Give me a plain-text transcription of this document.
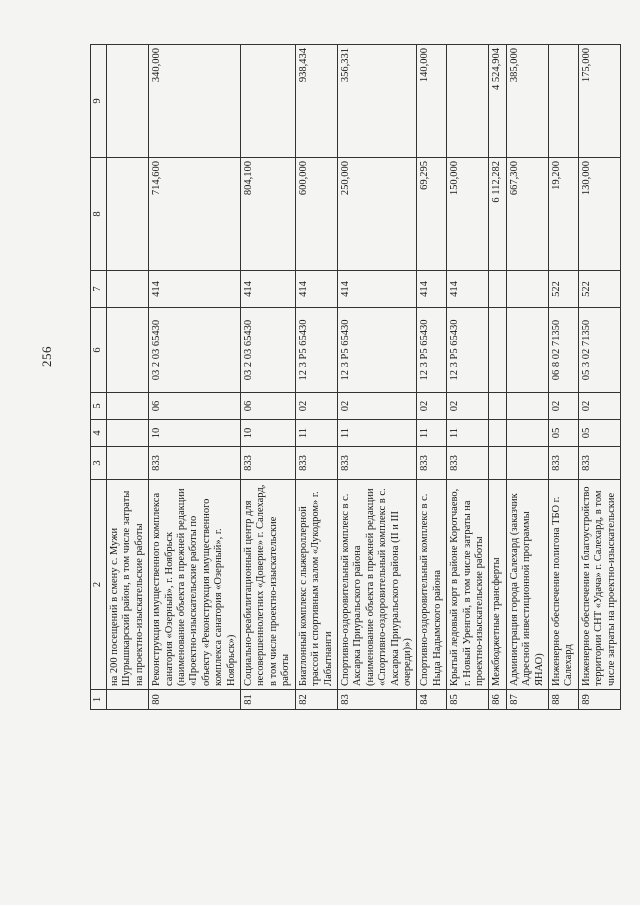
256
1	2	3	4	5	6	7	8	9
	на 200 посещений в смену с. Мужи Шурышкарский район, в том числе затраты на проектно-изыскательские работы							
80	Реконструкция имущественного комплекса санатория «Озерный», г. Ноябрьск (наименование объекта в прежней редакции «Проектно-изыскательские работы по объекту «Реконструкция имущественного комплекса санатория «Озерный», г. Ноябрьск»)	833	10	06	03 2 03 65430	414	714,600	340,000
81	Социально-реабилитационный центр для несовершеннолетних «Доверие» г. Салехард, в том числе проектно-изыскательские работы	833	10	06	03 2 03 65430	414	804,100	
82	Биатлонный комплекс с лыжероллерной трассой и спортивным залом «Лукодром» г. Лабытнанги	833	11	02	12 3 P5 65430	414	600,000	938,434
83	Спортивно-оздоровительный комплекс в с. Аксарка Приуральского района (наименование объекта в прежней редакции «Спортивно-оздоровительный комплекс в с. Аксарка Приуральского района (II и III очереди)»)	833	11	02	12 3 P5 65430	414	250,000	356,331
84	Спортивно-оздоровительный комплекс в с. Ныда Надымского района	833	11	02	12 3 P5 65430	414	69,295	140,000
85	Крытый ледовый корт в районе Коротчаево, г. Новый Уренгой, в том числе затраты на проектно-изыскательские работы	833	11	02	12 3 P5 65430	414	150,000	
86	Межбюджетные трансферты						6 112,282	4 524,904
87	Администрация города Салехард (заказчик Адресной инвестиционной программы ЯНАО)						667,300	385,000
88	Инженерное обеспечение полигона ТБО г. Салехард	833	05	02	06 8 02 71350	522	19,200	
89	Инженерное обеспечение и благоустройство территории СНТ «Удача» г. Салехард, в том числе затраты на проектно-изыскательские	833	05	02	05 3 02 71350	522	130,000	175,000
